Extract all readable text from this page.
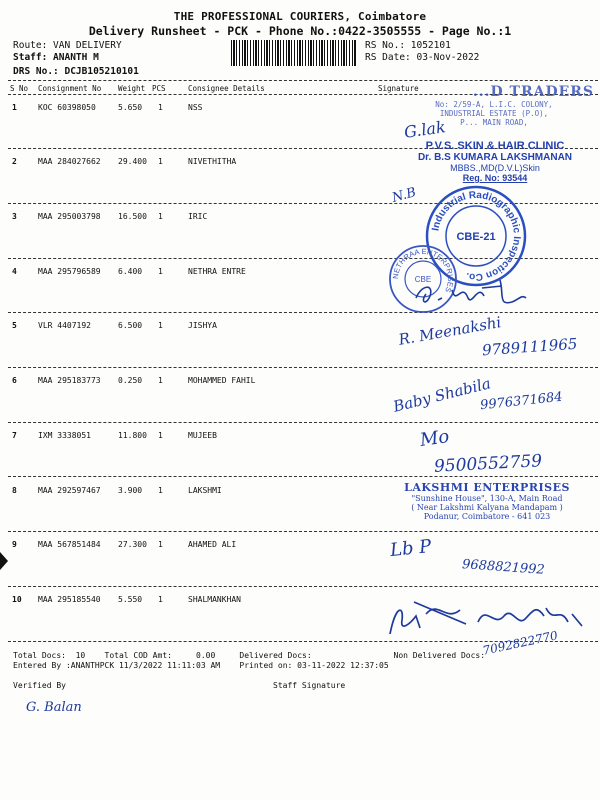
THE PROFESSIONAL COURIERS, Coimbatore
Delivery Runsheet - PCK - Phone No.:0422-3505555 - Page No.:1
Route: VAN DELIVERY
Staff: ANANTH M
DRS No.: DCJB105210101
RS No.: 1052101
RS Date: 03-Nov-2022
S No Consignment No Weight PCS	Consignee Details	Signature
1	KOC 60398050	5.650 1	NSS
2	MAA 284027662 29.400 1	NIVETHITHA
3	MAA 295003798 16.500 1	IRIC
4	MAA 295796589 6.400 1	NETHRA ENTRE
5	VLR 4407192	6.500 1	JISHYA
6	MAA 295183773 0.250 1	MOHAMMED FAHIL
7	IXM 3338051	11.800 1	MUJEEB
8	MAA 292597467 3.900 1	LAKSHMI
9	MAA 567851484 27.300 1	AHAMED ALI
10 MAA 295185540 5.550 1	SHALMANKHAN
Total Docs:  10 Total COD Amt:     0.00	Delivered Docs:	Non Delivered Docs:
Entered By :ANANTHPCK 11/3/2022 11:11:03 AM Printed on: 03-11-2022 12:37:05
Verified By	Staff Signature
G. Balan
...D TRADERS
No: 2/59-A, L.I.C. COLONY,
INDUSTRIAL ESTATE (P.O),
P... MAIN ROAD,
G.lak
P.V.S. SKIN & HAIR CLINIC
Dr. B.S KUMARA LAKSHMANAN
MBBS.,MD(D.V.L)Skin
Reg. No: 93544
N.B
Industrial Radiographic Inspection Co.
CBE-21
NETHRAA ENTERPRISES
CBE
R. Meenakshi
9789111965
Baby Shabila
9976371684
Mo
9500552759
LAKSHMI ENTERPRISES
"Sunshine House", 130-A, Main Road
( Near Lakshmi Kalyana Mandapam )
Podanur, Coimbatore - 641 023
Lb P
9688821992
7092822770
